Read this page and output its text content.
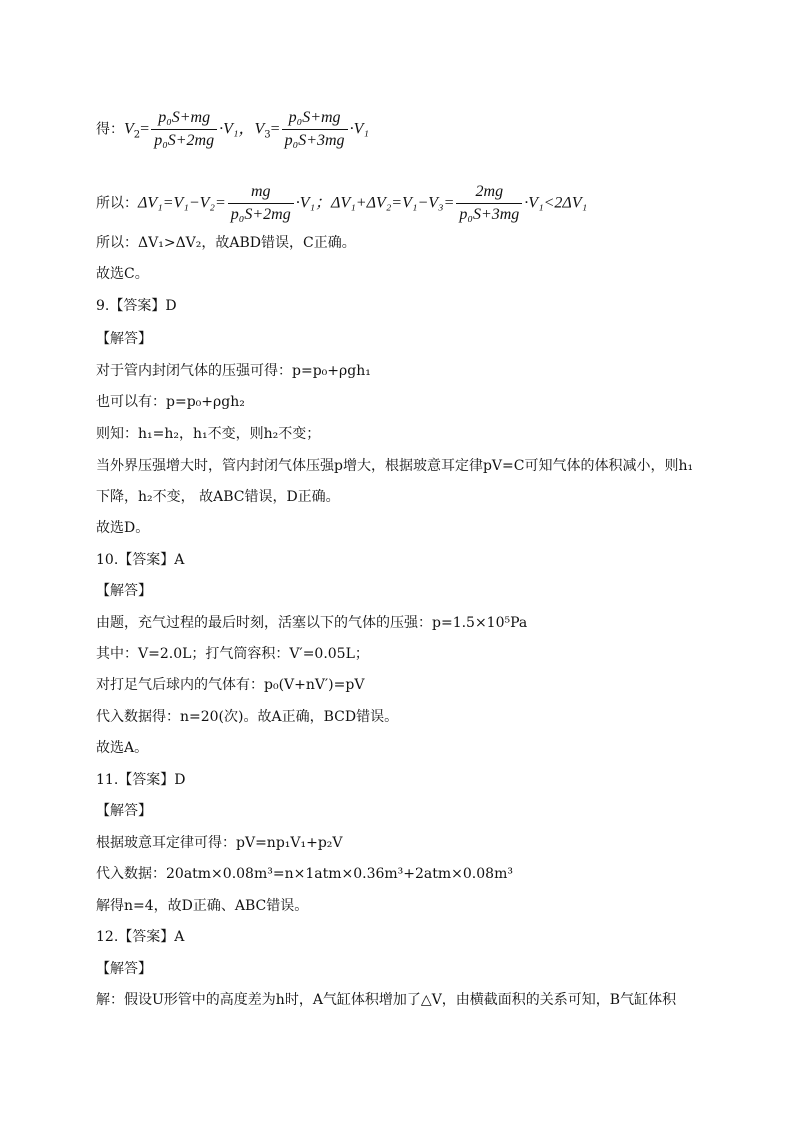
得：$V_2= \frac{\text{p₀S+mg}}{\text{p₀S+2mg}} \cdot V_1$，$V_3= \frac{\text{p₀S+mg}}{\text{p₀S+3mg}} \cdot V_1$
所以：$\Delta V_1=V_1-V_2= \frac{mg}{\text{p₀S+2mg}} \cdot V_1$；$\Delta V_1+\Delta V_2=V_1-V_3= \frac{2mg}{\text{p₀S+3mg}} \cdot V_1<2\Delta V_1$
所以：ΔV₁>ΔV₂，故ABD错误，C正确。
故选C。
9.【答案】D
【解答】
对于管内封闭气体的压强可得：p=p₀+ρgh₁
也可以有：p=p₀+ρgh₂
则知：h₁=h₂，h₁不变，则h₂不变；
当外界压强增大时，管内封闭气体压强p增大，根据玻意耳定律pV=C可知气体的体积减小，则h₁
下降，h₂不变， 故ABC错误，D正确。
故选D。
10.【答案】A
【解答】
由题，充气过程的最后时刻，活塞以下的气体的压强：p=1.5×10⁵Pa
其中：V=2.0L；打气筒容积：V′=0.05L；
对打足气后球内的气体有：p₀(V+nV′)=pV
代入数据得：n=20(次)。故A正确，BCD错误。
故选A。
11.【答案】D
【解答】
根据玻意耳定律可得：pV=np₁V₁+p₂V
代入数据：20atm×0.08m³=n×1atm×0.36m³+2atm×0.08m³
解得n=4，故D正确、ABC错误。
12.【答案】A
【解答】
解：假设U形管中的高度差为h时，A气缸体积增加了△V，由横截面积的关系可知，B气缸体积
